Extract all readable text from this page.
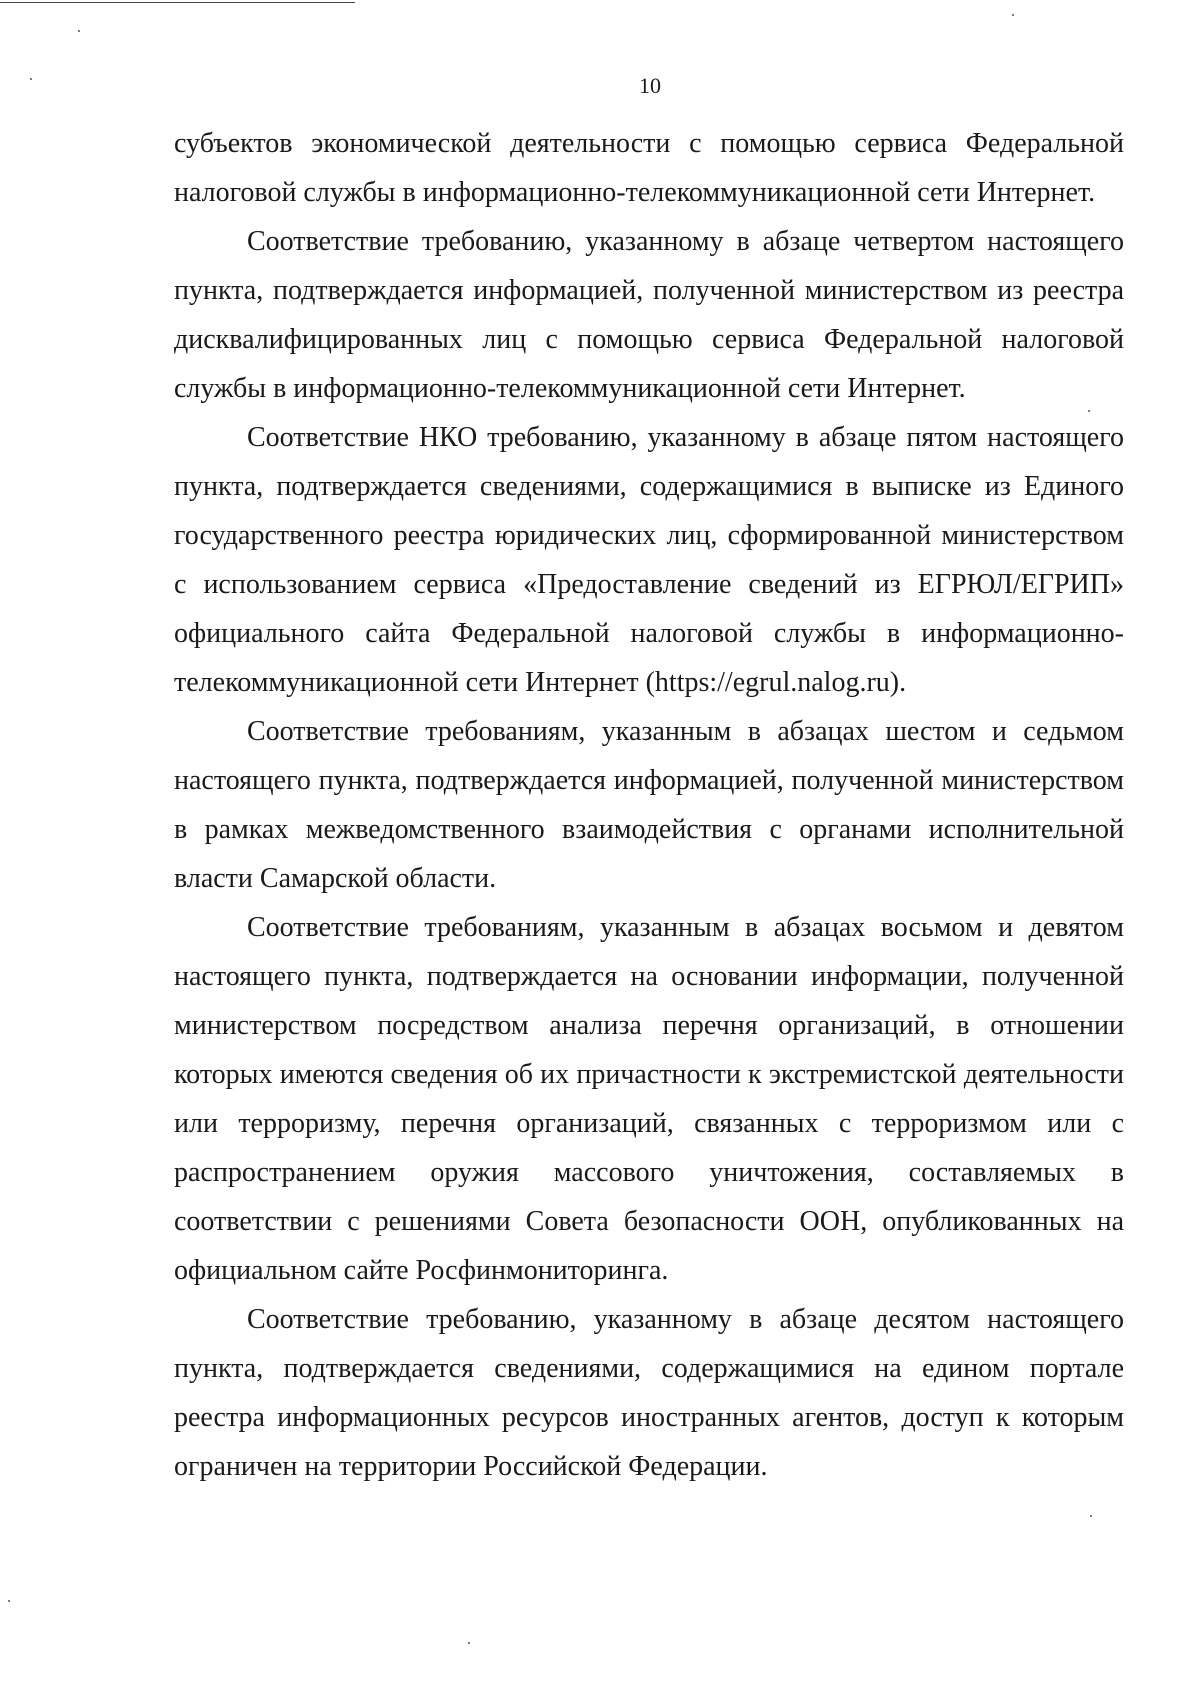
10

субъектов экономической деятельности с помощью сервиса Федеральной налоговой службы в информационно-телекоммуникационной сети Интернет.

Соответствие требованию, указанному в абзаце четвертом настоящего пункта, подтверждается информацией, полученной министерством из реестра дисквалифицированных лиц с помощью сервиса Федеральной налоговой службы в информационно-телекоммуникационной сети Интернет.

Соответствие НКО требованию, указанному в абзаце пятом настоящего пункта, подтверждается сведениями, содержащимися в выписке из Единого государственного реестра юридических лиц, сформированной министерством с использованием сервиса «Предоставление сведений из ЕГРЮЛ/ЕГРИП» официального сайта Федеральной налоговой службы в информационно-телекоммуникационной сети Интернет (https://egrul.nalog.ru).

Соответствие требованиям, указанным в абзацах шестом и седьмом настоящего пункта, подтверждается информацией, полученной министерством в рамках межведомственного взаимодействия с органами исполнительной власти Самарской области.

Соответствие требованиям, указанным в абзацах восьмом и девятом настоящего пункта, подтверждается на основании информации, полученной министерством посредством анализа перечня организаций, в отношении которых имеются сведения об их причастности к экстремистской деятельности или терроризму, перечня организаций, связанных с терроризмом или с распространением оружия массового уничтожения, составляемых в соответствии с решениями Совета безопасности ООН, опубликованных на официальном сайте Росфинмониторинга.

Соответствие требованию, указанному в абзаце десятом настоящего пункта, подтверждается сведениями, содержащимися на едином портале реестра информационных ресурсов иностранных агентов, доступ к которым ограничен на территории Российской Федерации.
